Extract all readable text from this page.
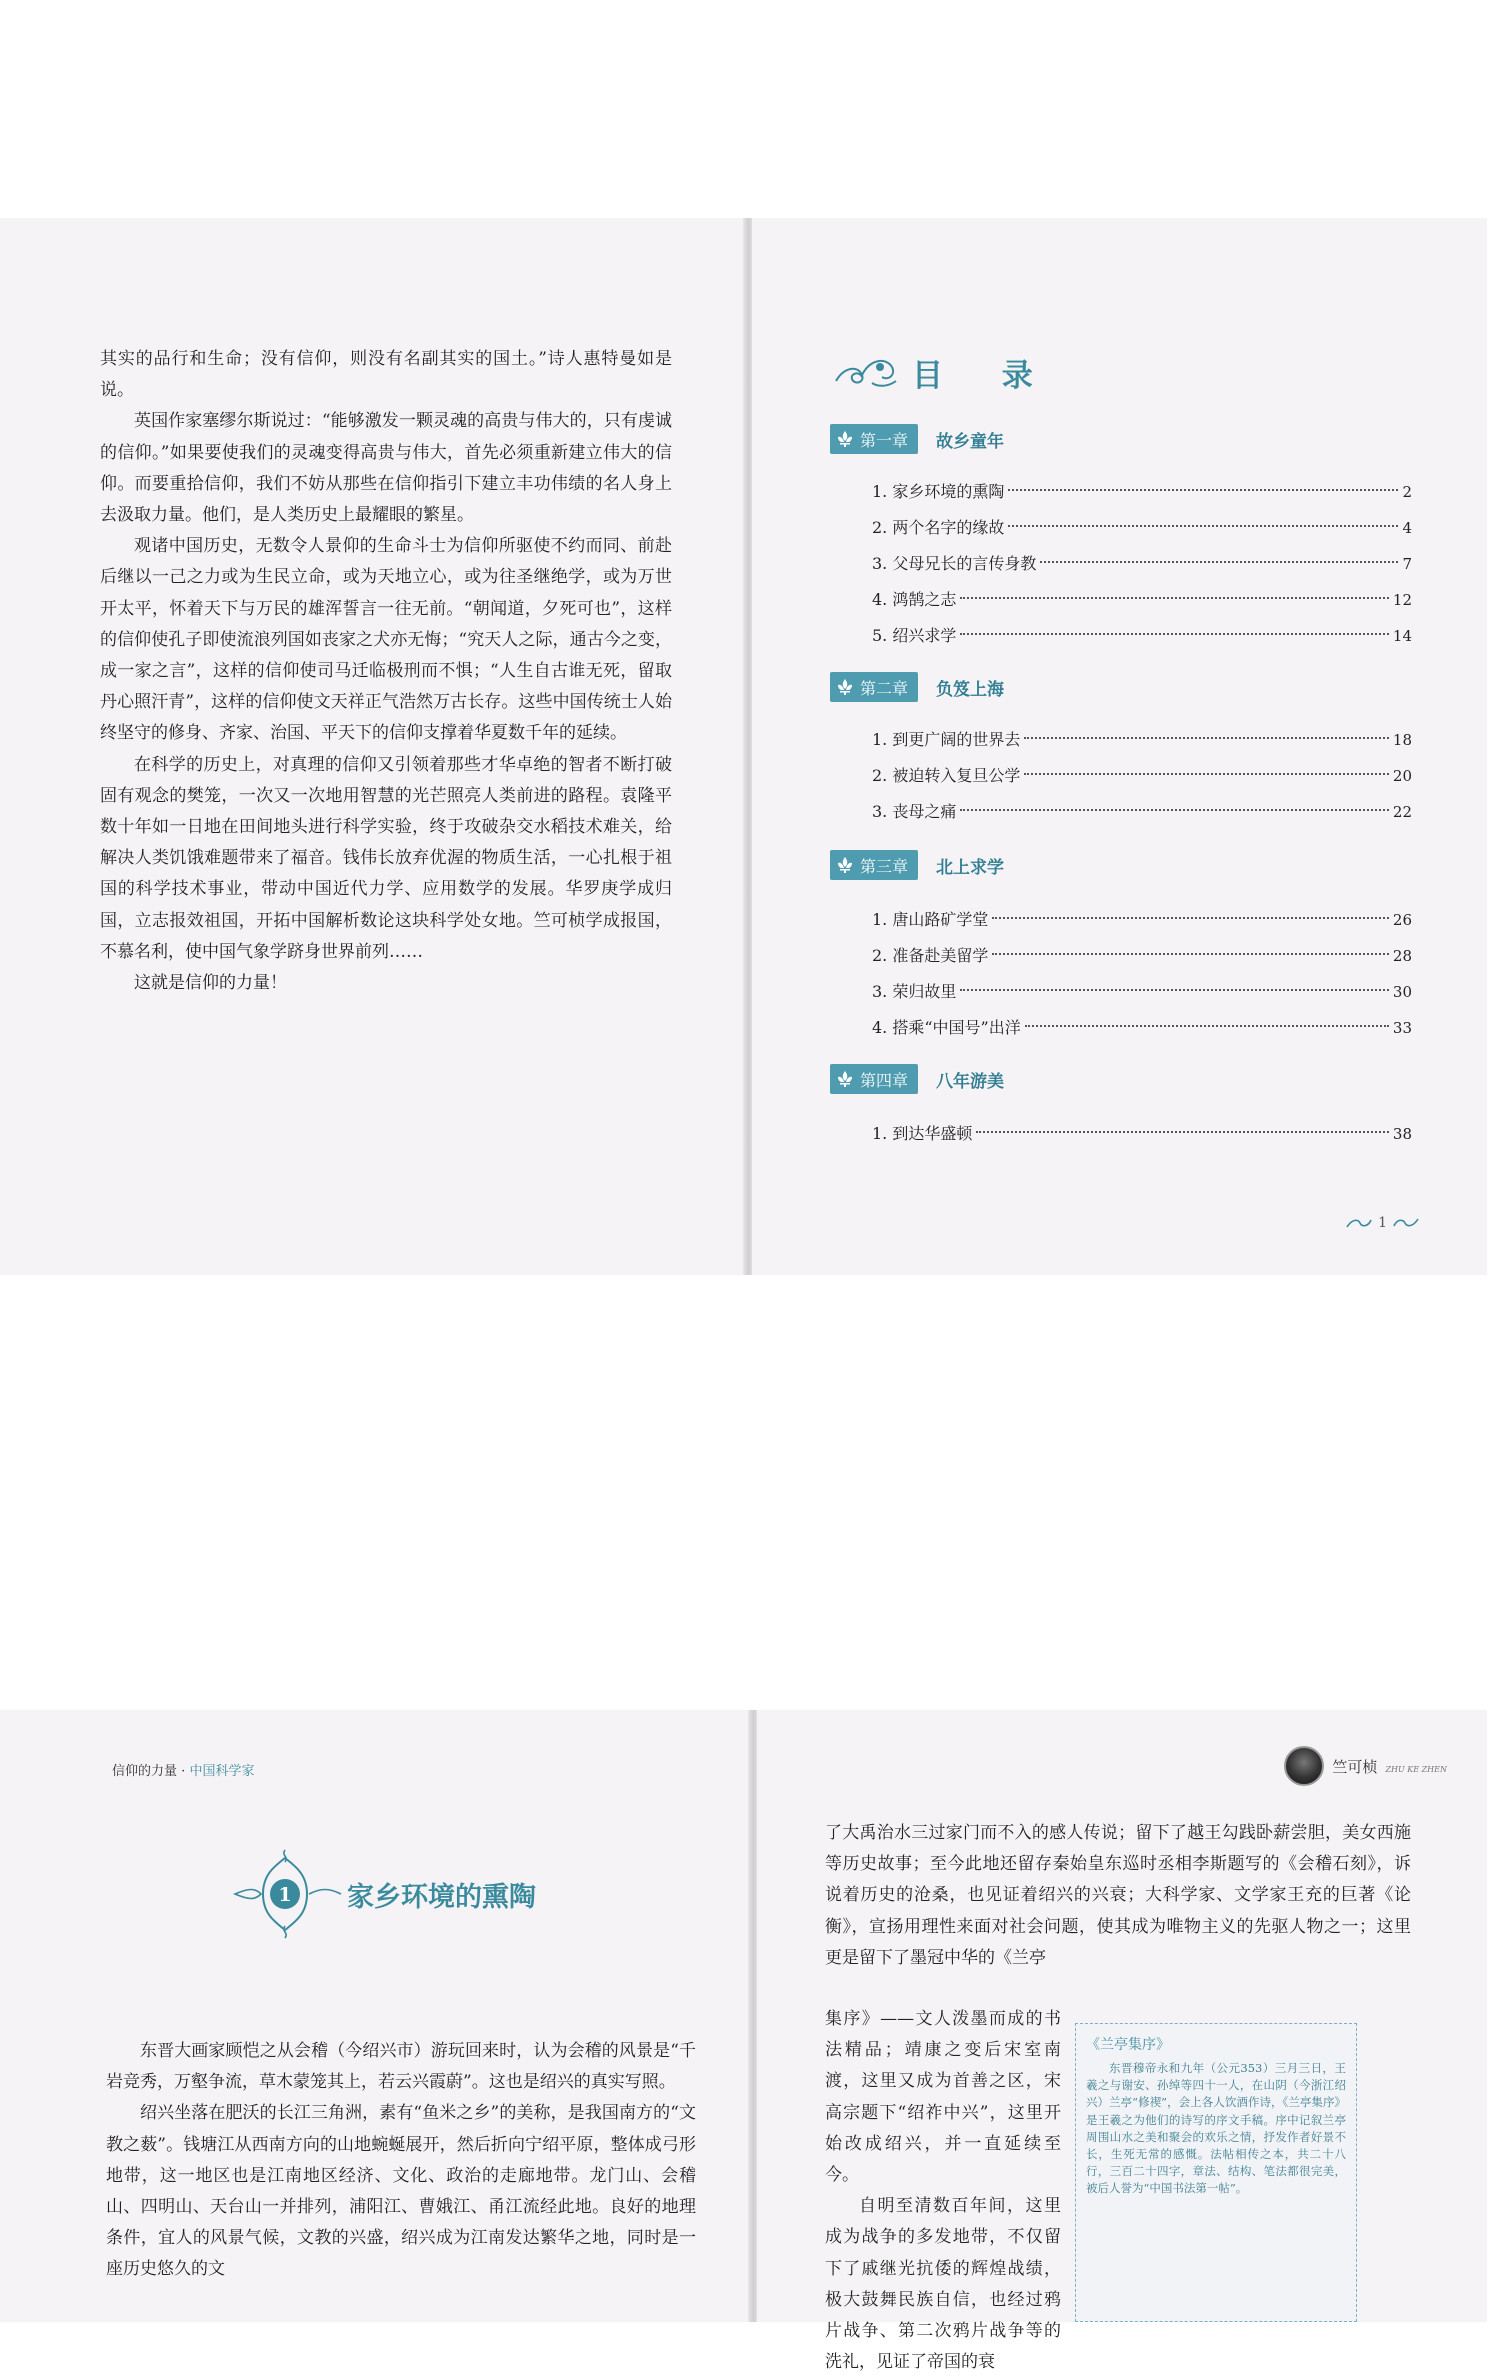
其实的品行和生命；没有信仰，则没有名副其实的国土。”诗人惠特曼如是说。

英国作家塞缪尔斯说过：“能够激发一颗灵魂的高贵与伟大的，只有虔诚的信仰。”如果要使我们的灵魂变得高贵与伟大，首先必须重新建立伟大的信仰。而要重拾信仰，我们不妨从那些在信仰指引下建立丰功伟绩的名人身上去汲取力量。他们，是人类历史上最耀眼的繁星。

观诸中国历史，无数令人景仰的生命斗士为信仰所驱使不约而同、前赴后继以一己之力或为生民立命，或为天地立心，或为往圣继绝学，或为万世开太平，怀着天下与万民的雄浑誓言一往无前。“朝闻道，夕死可也”，这样的信仰使孔子即使流浪列国如丧家之犬亦无悔；“究天人之际，通古今之变，成一家之言”，这样的信仰使司马迁临极刑而不惧；“人生自古谁无死，留取丹心照汗青”，这样的信仰使文天祥正气浩然万古长存。这些中国传统士人始终坚守的修身、齐家、治国、平天下的信仰支撑着华夏数千年的延续。

在科学的历史上，对真理的信仰又引领着那些才华卓绝的智者不断打破固有观念的樊笼，一次又一次地用智慧的光芒照亮人类前进的路程。袁隆平数十年如一日地在田间地头进行科学实验，终于攻破杂交水稻技术难关，给解决人类饥饿难题带来了福音。钱伟长放弃优渥的物质生活，一心扎根于祖国的科学技术事业，带动中国近代力学、应用数学的发展。华罗庚学成归国，立志报效祖国，开拓中国解析数论这块科学处女地。竺可桢学成报国，不慕名利，使中国气象学跻身世界前列……

这就是信仰的力量！

目 录
第一章 故乡童年
1. 家乡环境的熏陶	2
2. 两个名字的缘故	4
3. 父母兄长的言传身教	7
4. 鸿鹄之志	12
5. 绍兴求学	14
第二章 负笈上海
1. 到更广阔的世界去	18
2. 被迫转入复旦公学	20
3. 丧母之痛	22
第三章 北上求学
1. 唐山路矿学堂	26
2. 准备赴美留学	28
3. 荣归故里	30
4. 搭乘“中国号”出洋	33
第四章 八年游美
1. 到达华盛顿	38
1
信仰的力量 · 中国科学家
1 家乡环境的熏陶

东晋大画家顾恺之从会稽（今绍兴市）游玩回来时，认为会稽的风景是“千岩竞秀，万壑争流，草木蒙笼其上，若云兴霞蔚”。这也是绍兴的真实写照。

绍兴坐落在肥沃的长江三角洲，素有“鱼米之乡”的美称，是我国南方的“文教之薮”。钱塘江从西南方向的山地蜿蜒展开，然后折向宁绍平原，整体成弓形地带，这一地区也是江南地区经济、文化、政治的走廊地带。龙门山、会稽山、四明山、天台山一并排列，浦阳江、曹娥江、甬江流经此地。良好的地理条件，宜人的风景气候，文教的兴盛，绍兴成为江南发达繁华之地，同时是一座历史悠久的文

竺可桢 ZHU KE ZHEN

了大禹治水三过家门而不入的感人传说；留下了越王勾践卧薪尝胆，美女西施等历史故事；至今此地还留存秦始皇东巡时丞相李斯题写的《会稽石刻》，诉说着历史的沧桑，也见证着绍兴的兴衰；大科学家、文学家王充的巨著《论衡》，宣扬用理性来面对社会问题，使其成为唯物主义的先驱人物之一；这里更是留下了墨冠中华的《兰亭

集序》——文人泼墨而成的书法精品；靖康之变后宋室南渡，这里又成为首善之区，宋高宗题下“绍祚中兴”，这里开始改成绍兴，并一直延续至今。

自明至清数百年间，这里成为战争的多发地带，不仅留下了戚继光抗倭的辉煌战绩，极大鼓舞民族自信，也经过鸦片战争、第二次鸦片战争等的洗礼，见证了帝国的衰

《兰亭集序》
东晋穆帝永和九年（公元353）三月三日，王羲之与谢安、孙绰等四十一人，在山阴（今浙江绍兴）兰亭“修禊”，会上各人饮酒作诗，《兰亭集序》是王羲之为他们的诗写的序文手稿。序中记叙兰亭周围山水之美和聚会的欢乐之情，抒发作者好景不长，生死无常的感慨。法帖相传之本，共二十八行，三百二十四字，章法、结构、笔法都很完美，被后人誉为“中国书法第一帖”。
